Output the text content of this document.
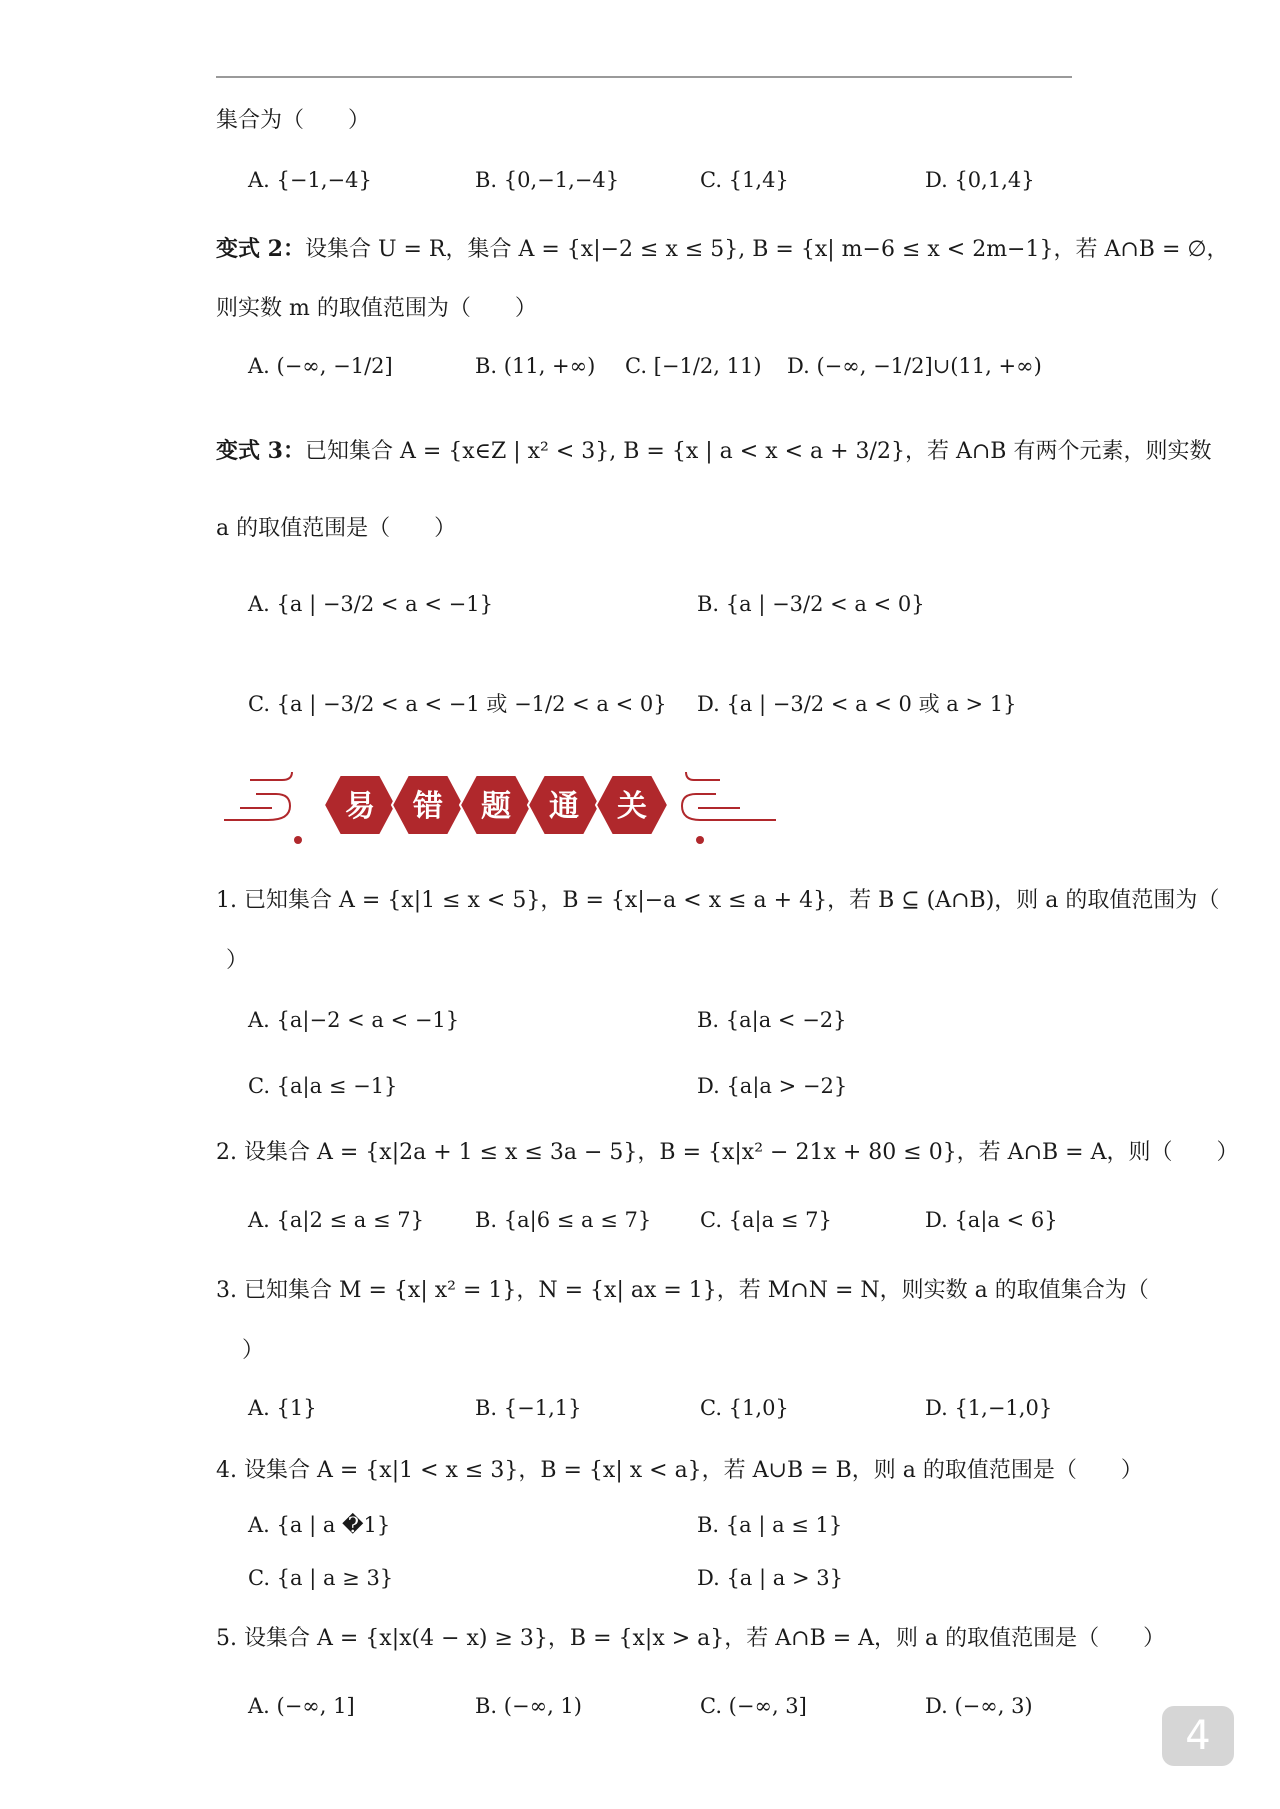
集合为（　　）
A. {−1,−4}	B. {0,−1,−4}	C. {1,4}	D. {0,1,4}
变式 2：设集合 U = R，集合 A = {x|−2 ≤ x ≤ 5}, B = {x| m−6 ≤ x < 2m−1}，若 A∩B = ∅，
则实数 m 的取值范围为（　　）
A. (−∞, −1/2]	B. (11, +∞) C. [−1/2, 11) D. (−∞, −1/2]∪(11, +∞)
变式 3：已知集合 A = {x∈Z | x² < 3}, B = {x | a < x < a + 3/2}，若 A∩B 有两个元素，则实数
a 的取值范围是（　　）
A. {a | −3/2 < a < −1}	B. {a | −3/2 < a < 0}
C. {a | −3/2 < a < −1 或 −1/2 < a < 0} D. {a | −3/2 < a < 0 或 a > 1}
易 错 题 通 关
1. 已知集合 A = {x|1 ≤ x < 5}，B = {x|−a < x ≤ a + 4}，若 B ⊆ (A∩B)，则 a 的取值范围为（
）
A. {a|−2 < a < −1}	B. {a|a < −2}
C. {a|a ≤ −1}	D. {a|a > −2}
2. 设集合 A = {x|2a + 1 ≤ x ≤ 3a − 5}，B = {x|x² − 21x + 80 ≤ 0}，若 A∩B = A，则（　　）
A. {a|2 ≤ a ≤ 7} B. {a|6 ≤ a ≤ 7} C. {a|a ≤ 7}	D. {a|a < 6}
3. 已知集合 M = {x| x² = 1}，N = {x| ax = 1}，若 M∩N = N，则实数 a 的取值集合为（
）
A. {1}	B. {−1,1}	C. {1,0}	D. {1,−1,0}
4. 设集合 A = {x|1 < x ≤ 3}，B = {x| x < a}，若 A∪B = B，则 a 的取值范围是（　　）
A. {a | a �1}	B. {a | a ≤ 1}
C. {a | a ≥ 3}	D. {a | a > 3}
5. 设集合 A = {x|x(4 − x) ≥ 3}，B = {x|x > a}，若 A∩B = A，则 a 的取值范围是（　　）
A. (−∞, 1]	B. (−∞, 1)	C. (−∞, 3]	D. (−∞, 3)
4
